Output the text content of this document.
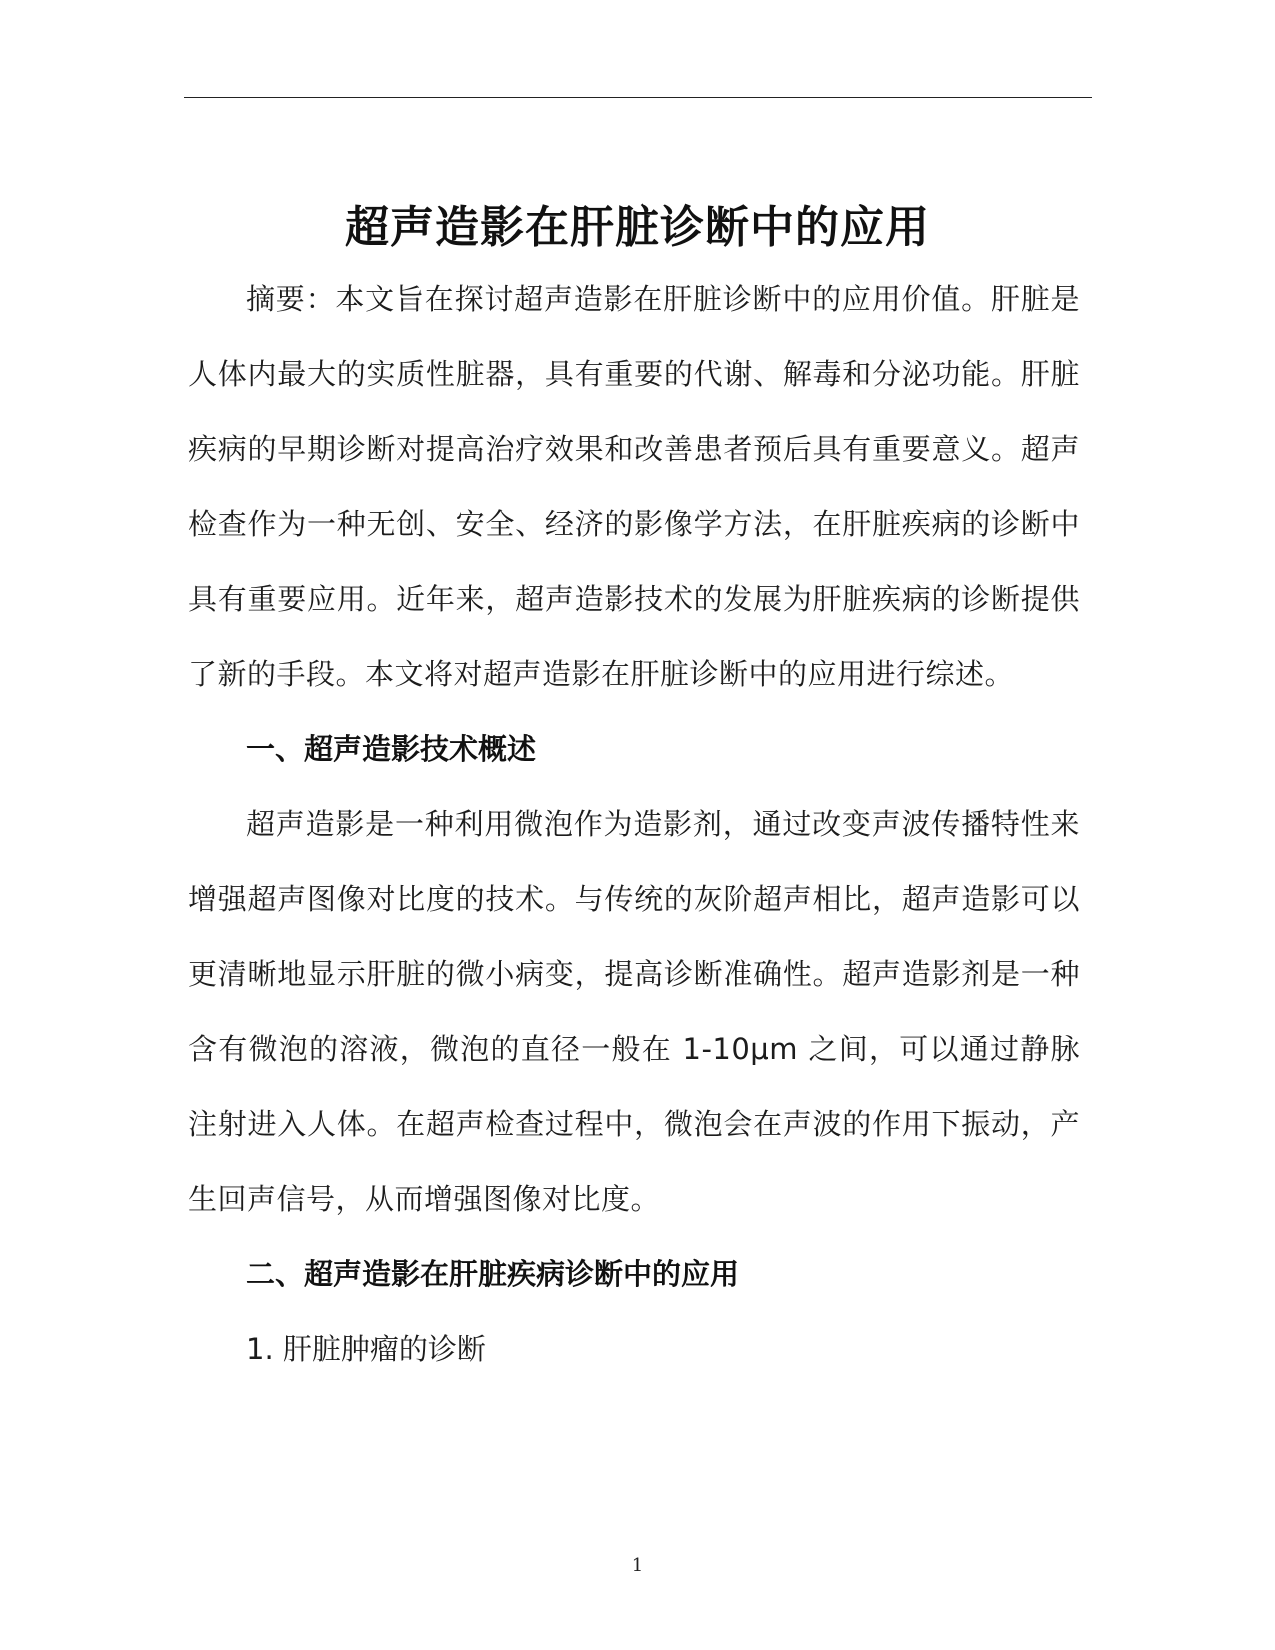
超声造影在肝脏诊断中的应用

摘要：本文旨在探讨超声造影在肝脏诊断中的应用价值。肝脏是人体内最大的实质性脏器，具有重要的代谢、解毒和分泌功能。肝脏疾病的早期诊断对提高治疗效果和改善患者预后具有重要意义。超声检查作为一种无创、安全、经济的影像学方法，在肝脏疾病的诊断中具有重要应用。近年来，超声造影技术的发展为肝脏疾病的诊断提供了新的手段。本文将对超声造影在肝脏诊断中的应用进行综述。

一、超声造影技术概述

超声造影是一种利用微泡作为造影剂，通过改变声波传播特性来增强超声图像对比度的技术。与传统的灰阶超声相比，超声造影可以更清晰地显示肝脏的微小病变，提高诊断准确性。超声造影剂是一种含有微泡的溶液，微泡的直径一般在 1-10μm 之间，可以通过静脉注射进入人体。在超声检查过程中，微泡会在声波的作用下振动，产生回声信号，从而增强图像对比度。

二、超声造影在肝脏疾病诊断中的应用

1. 肝脏肿瘤的诊断

1
